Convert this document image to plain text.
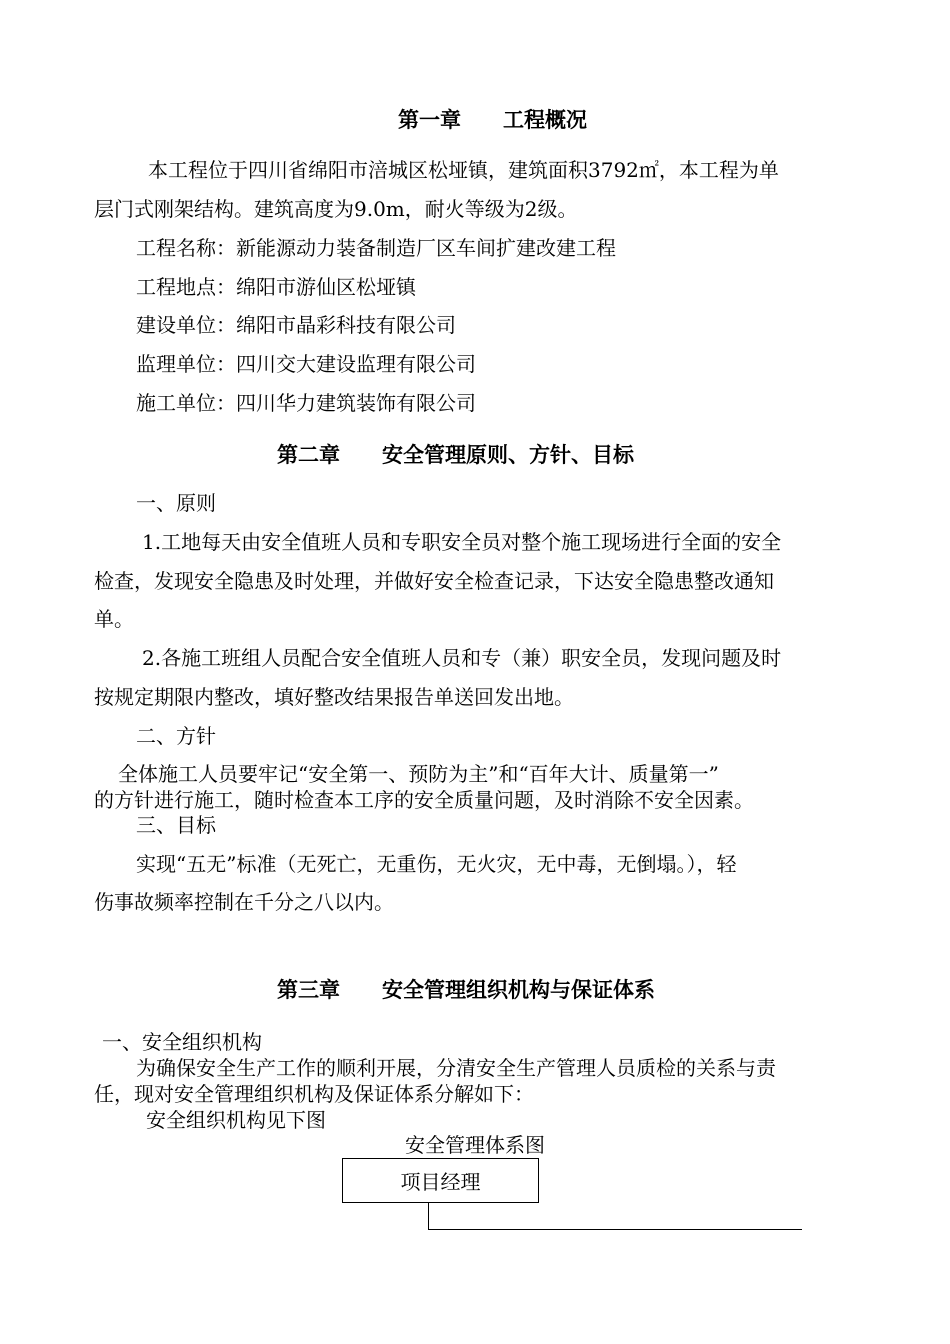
第一章　　工程概况
本工程位于四川省绵阳市涪城区松垭镇，建筑面积3792㎡，本工程为单
层门式刚架结构。建筑高度为9.0m，耐火等级为2级。
工程名称：新能源动力装备制造厂区车间扩建改建工程
工程地点：绵阳市游仙区松垭镇
建设单位：绵阳市晶彩科技有限公司
监理单位：四川交大建设监理有限公司
施工单位：四川华力建筑装饰有限公司
第二章　　安全管理原则、方针、目标
一、原则
1.工地每天由安全值班人员和专职安全员对整个施工现场进行全面的安全
检查，发现安全隐患及时处理，并做好安全检查记录，下达安全隐患整改通知
单。
2.各施工班组人员配合安全值班人员和专（兼）职安全员，发现问题及时
按规定期限内整改，填好整改结果报告单送回发出地。
二、方针
全体施工人员要牢记“安全第一、预防为主”和“百年大计、质量第一”
的方针进行施工，随时检查本工序的安全质量问题，及时消除不安全因素。
三、目标
实现“五无”标准（无死亡，无重伤，无火灾，无中毒，无倒塌。），轻
伤事故频率控制在千分之八以内。
第三章　　安全管理组织机构与保证体系
一、安全组织机构
为确保安全生产工作的顺利开展，分清安全生产管理人员质检的关系与责
任，现对安全管理组织机构及保证体系分解如下：
安全组织机构见下图
安全管理体系图
项目经理
